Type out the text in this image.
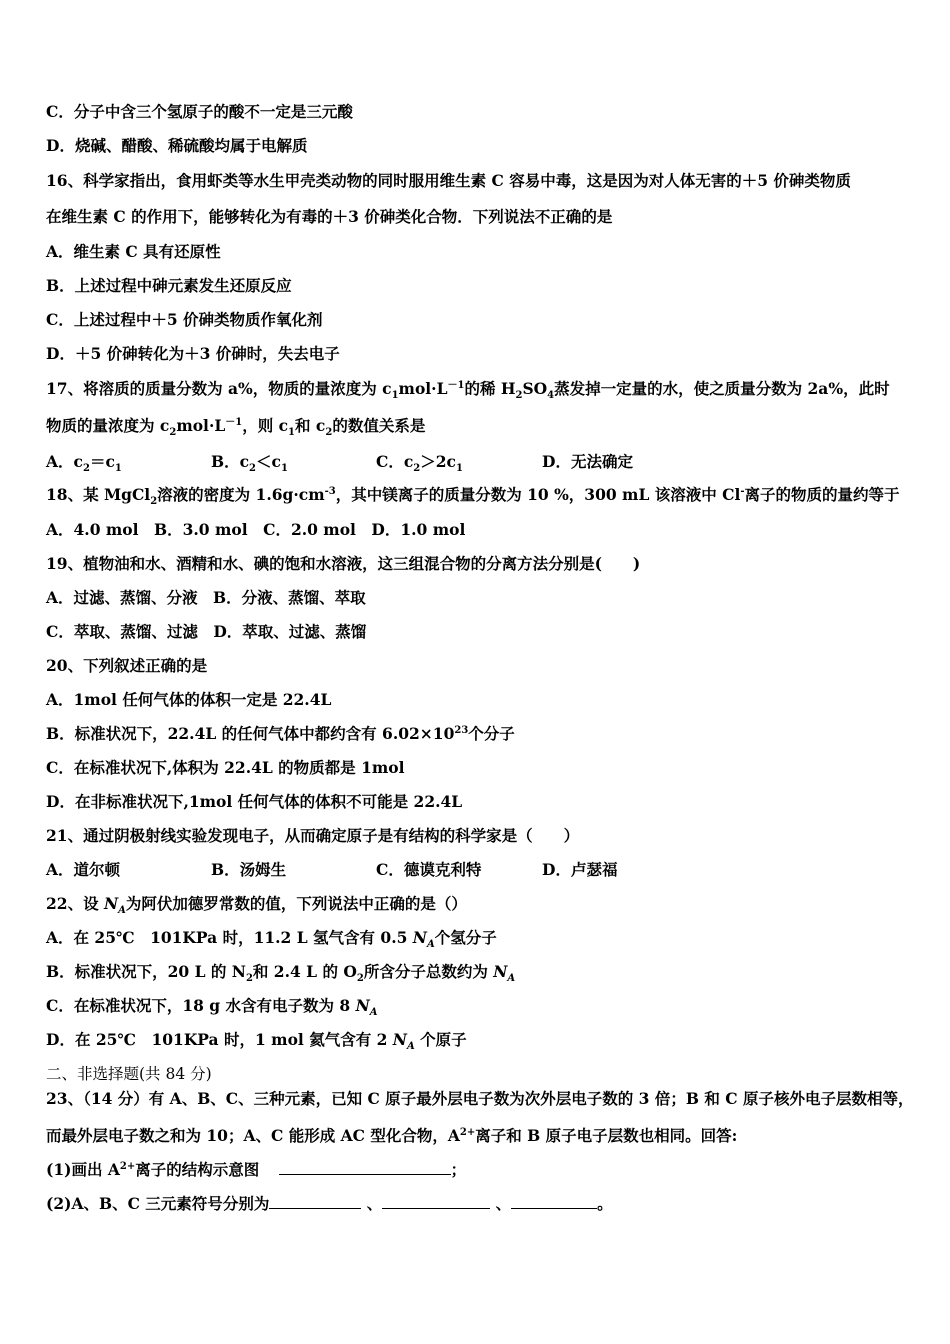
C．分子中含三个氢原子的酸不一定是三元酸
D．烧碱、醋酸、稀硫酸均属于电解质
16、科学家指出，食用虾类等水生甲壳类动物的同时服用维生素 C 容易中毒，这是因为对人体无害的＋5 价砷类物质
在维生素 C 的作用下，能够转化为有毒的＋3 价砷类化合物．下列说法不正确的是
A．维生素 C 具有还原性
B．上述过程中砷元素发生还原反应
C．上述过程中＋5 价砷类物质作氧化剂
D．＋5 价砷转化为＋3 价砷时，失去电子
17、将溶质的质量分数为 a%，物质的量浓度为 $c_1mol\cdot L^{-1}$的稀 $H_2SO_4$蒸发掉一定量的水，使之质量分数为 2a%，此时
物质的量浓度为 $c_2mol\cdot L^{-1}$，则 $c_1$和 $c_2$的数值关系是
A．$c_2=c_1$	B．$c_2<c_1$	C．$c_2>2c_1$	D．无法确定
18、某 MgCl$_2$溶液的密度为 $1.6g\cdot cm^{-3}$，其中镁离子的质量分数为 10 %，300 mL 该溶液中 Cl-离子的物质的量约等于
A．4.0 mol　B．3.0 mol　C．2.0 mol　D．1.0 mol
19、植物油和水、酒精和水、碘的饱和水溶液，这三组混合物的分离方法分别是(　　)
A．过滤、蒸馏、分液　B．分液、蒸馏、萃取
C．萃取、蒸馏、过滤　D．萃取、过滤、蒸馏
20、下列叙述正确的是
A．1mol 任何气体的体积一定是 22.4L
B．标准状况下，22.4L 的任何气体中都约含有 $6.02\times 10^{23}$个分子
C．在标准状况下,体积为 22.4L 的物质都是 1mol
D．在非标准状况下,1mol 任何气体的体积不可能是 22.4L
21、通过阴极射线实验发现电子，从而确定原子是有结构的科学家是（　　）
A．道尔顿	B．汤姆生	C．德谟克利特	D．卢瑟福
22、设 $N_A$为阿伏加德罗常数的值，下列说法中正确的是（）
A．在 25℃　101KPa 时，11.2 L 氢气含有 0.5 $N_A$个氢分子
B．标准状况下，20 L 的 $N_2$和 2.4 L 的 $O_2$所含分子总数约为 $N_A$
C．在标准状况下，18 g 水含有电子数为 8 $N_A$
D．在 25℃　101KPa 时，1 mol 氦气含有 2 $N_A$ 个原子
二、非选择题(共 84 分)
23、（14 分）有 A、B、C、三种元素，已知 C 原子最外层电子数为次外层电子数的 3 倍；B 和 C 原子核外电子层数相等，
而最外层电子数之和为 10；A、C 能形成 AC 型化合物，$A^{2+}$离子和 B 原子电子层数也相同。回答:
(1)画出 $A^{2+}$离子的结构示意图	；
(2)A、B、C 三元素符号分别为	、	、	。
